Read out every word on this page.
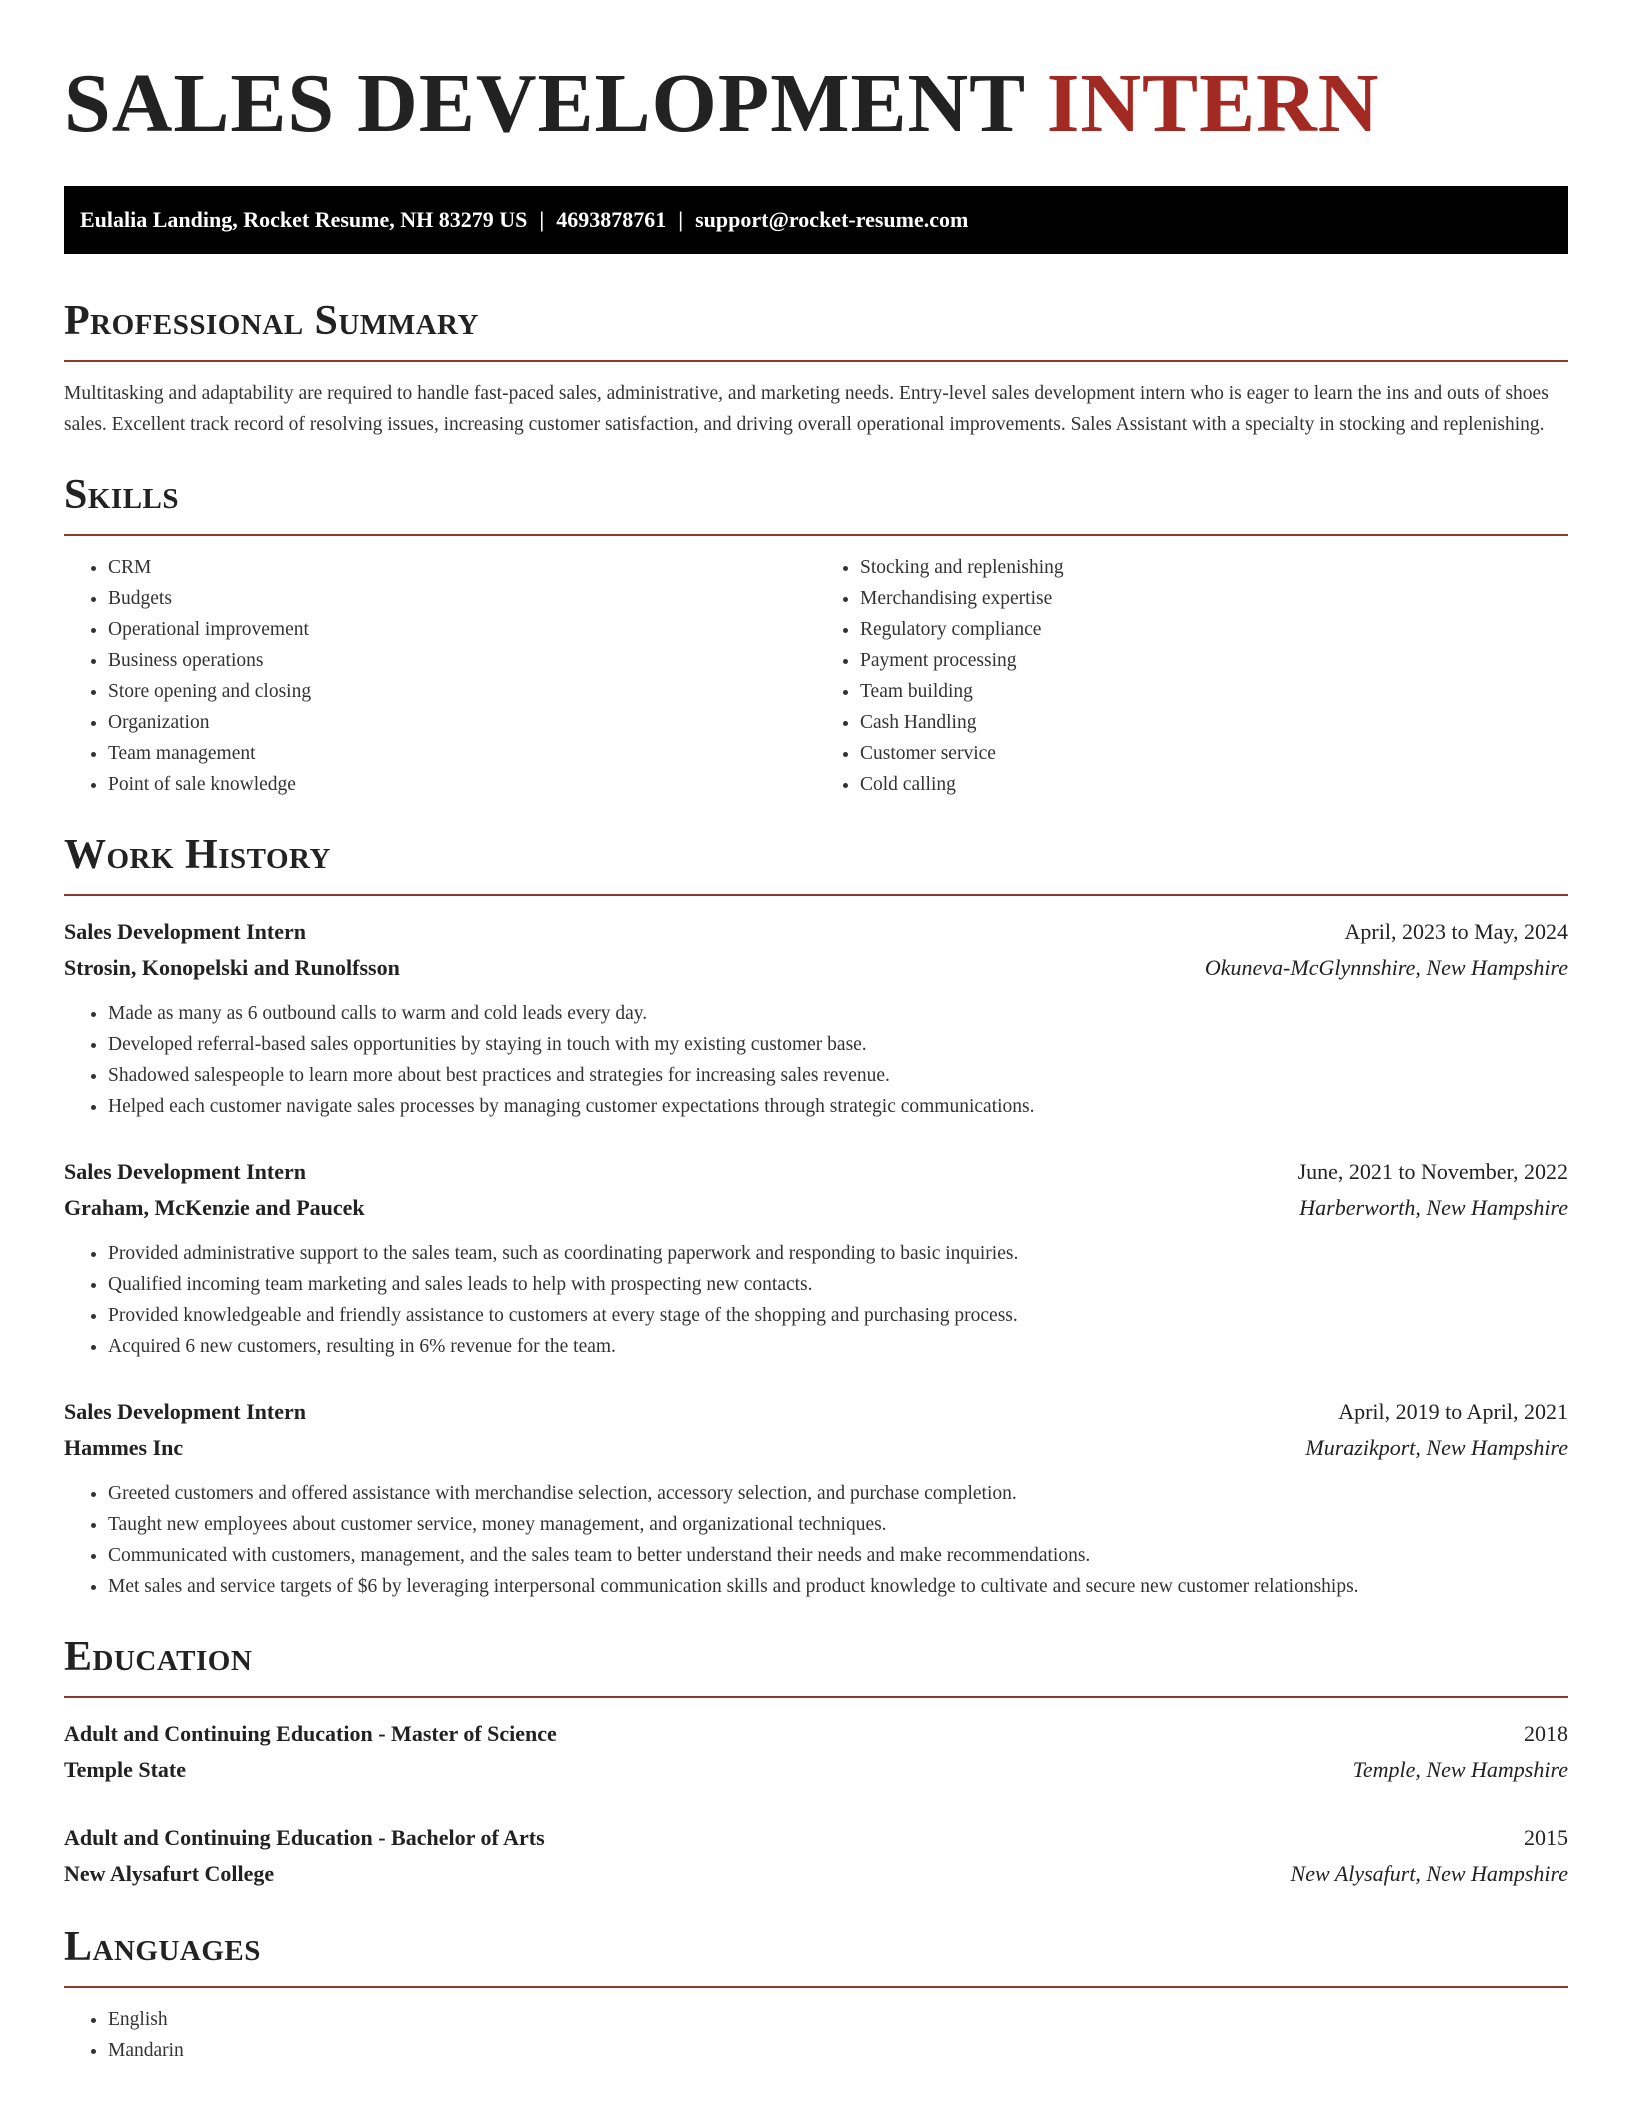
SALES DEVELOPMENT INTERN
Eulalia Landing, Rocket Resume, NH 83279 US | 4693878761 | support@rocket-resume.com
Professional Summary

Multitasking and adaptability are required to handle fast-paced sales, administrative, and marketing needs. Entry-level sales development intern who is eager to learn the ins and outs of shoes sales. Excellent track record of resolving issues, increasing customer satisfaction, and driving overall operational improvements. Sales Assistant with a specialty in stocking and replenishing.

Skills
• CRM
• Budgets
• Operational improvement
• Business operations
• Store opening and closing
• Organization
• Team management
• Point of sale knowledge
• Stocking and replenishing
• Merchandising expertise
• Regulatory compliance
• Payment processing
• Team building
• Cash Handling
• Customer service
• Cold calling
Work History
Sales Development Intern	April, 2023 to May, 2024
Strosin, Konopelski and Runolfsson	Okuneva-McGlynnshire, New Hampshire
• Made as many as 6 outbound calls to warm and cold leads every day.
• Developed referral-based sales opportunities by staying in touch with my existing customer base.
• Shadowed salespeople to learn more about best practices and strategies for increasing sales revenue.
• Helped each customer navigate sales processes by managing customer expectations through strategic communications.
Sales Development Intern	June, 2021 to November, 2022
Graham, McKenzie and Paucek	Harberworth, New Hampshire
• Provided administrative support to the sales team, such as coordinating paperwork and responding to basic inquiries.
• Qualified incoming team marketing and sales leads to help with prospecting new contacts.
• Provided knowledgeable and friendly assistance to customers at every stage of the shopping and purchasing process.
• Acquired 6 new customers, resulting in 6% revenue for the team.
Sales Development Intern	April, 2019 to April, 2021
Hammes Inc	Murazikport, New Hampshire
• Greeted customers and offered assistance with merchandise selection, accessory selection, and purchase completion.
• Taught new employees about customer service, money management, and organizational techniques.
• Communicated with customers, management, and the sales team to better understand their needs and make recommendations.
• Met sales and service targets of $6 by leveraging interpersonal communication skills and product knowledge to cultivate and secure new customer relationships.
Education
Adult and Continuing Education - Master of Science	2018
Temple State	Temple, New Hampshire
Adult and Continuing Education - Bachelor of Arts	2015
New Alysafurt College	New Alysafurt, New Hampshire
Languages
• English
• Mandarin
